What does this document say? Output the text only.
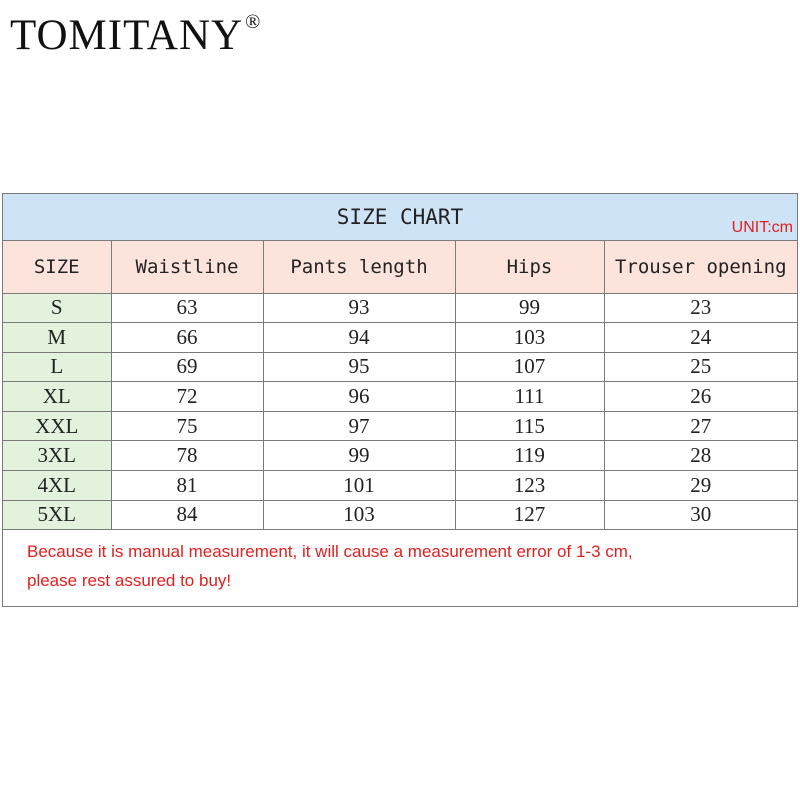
TOMITANY ®
SIZE CHART	UNIT:cm
SIZE	Waistline	Pants length	Hips	Trouser opening
S	63	93	99	23
M	66	94	103	24
L	69	95	107	25
XL	72	96	111	26
XXL	75	97	115	27
3XL	78	99	119	28
4XL	81	101	123	29
5XL	84	103	127	30
Because it is manual measurement, it will cause a measurement error of 1-3 cm,
please rest assured to buy!
